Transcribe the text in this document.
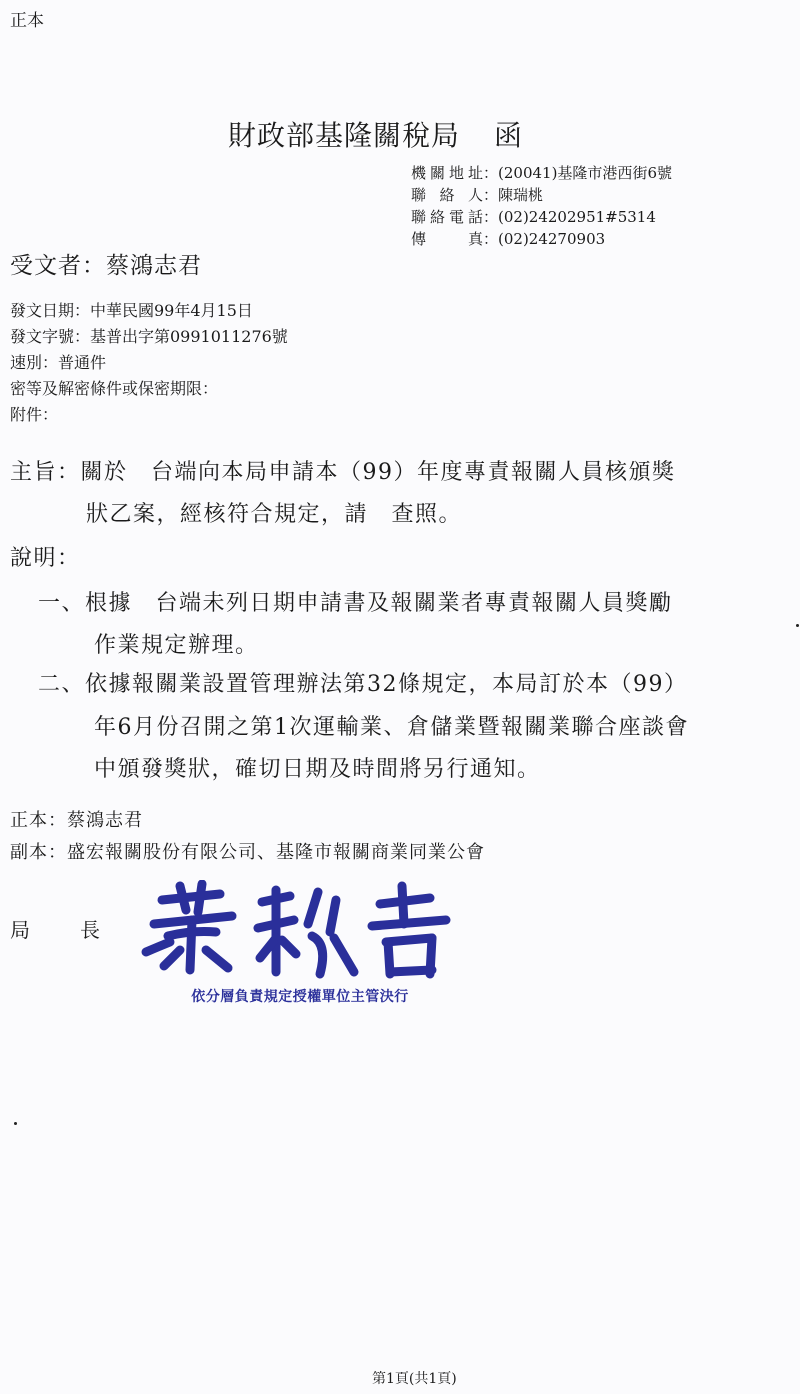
正本
財政部基隆關稅局 函
機關地址：(20041)基隆市港西街6號
聯絡人：陳瑞桃
聯絡電話：(02)24202951#5314
傳真：(02)24270903
受文者：蔡鴻志君
發文日期：中華民國99年4月15日
發文字號：基普出字第0991011276號
速別：普通件
密等及解密條件或保密期限：
附件：
主旨：關於　台端向本局申請本（99）年度專責報關人員核頒獎
狀乙案，經核符合規定，請　查照。
說明：
一、根據　台端未列日期申請書及報關業者專責報關人員獎勵
作業規定辦理。
二、依據報關業設置管理辦法第32條規定，本局訂於本（99）
年6月份召開之第1次運輸業、倉儲業暨報關業聯合座談會
中頒發獎狀，確切日期及時間將另行通知。
正本：蔡鴻志君
副本：盛宏報關股份有限公司、基隆市報關商業同業公會
局	長
依分層負責規定授權單位主管決行
第1頁(共1頁)
